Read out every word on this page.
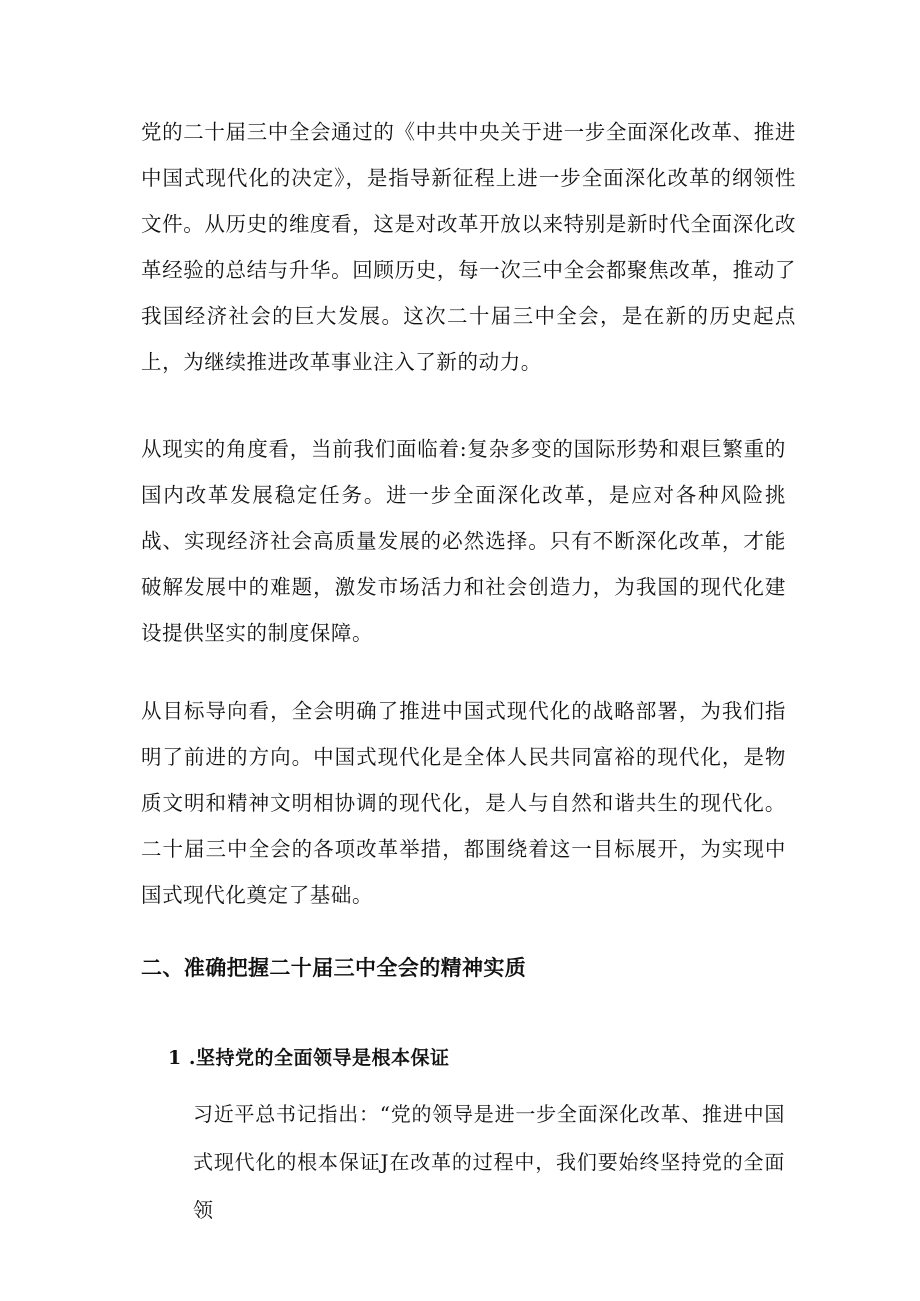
党的二十届三中全会通过的《中共中央关于进一步全面深化改革、推进中国式现代化的决定》，是指导新征程上进一步全面深化改革的纲领性文件。从历史的维度看，这是对改革开放以来特别是新时代全面深化改革经验的总结与升华。回顾历史，每一次三中全会都聚焦改革，推动了我国经济社会的巨大发展。这次二十届三中全会，是在新的历史起点上，为继续推进改革事业注入了新的动力。

从现实的角度看，当前我们面临着:复杂多变的国际形势和艰巨繁重的国内改革发展稳定任务。进一步全面深化改革，是应对各种风险挑战、实现经济社会高质量发展的必然选择。只有不断深化改革，才能破解发展中的难题，激发市场活力和社会创造力，为我国的现代化建设提供坚实的制度保障。

从目标导向看，全会明确了推进中国式现代化的战略部署，为我们指明了前进的方向。中国式现代化是全体人民共同富裕的现代化，是物质文明和精神文明相协调的现代化，是人与自然和谐共生的现代化。二十届三中全会的各项改革举措，都围绕着这一目标展开，为实现中国式现代化奠定了基础。

二、准确把握二十届三中全会的精神实质
1 .坚持党的全面领导是根本保证

习近平总书记指出：“党的领导是进一步全面深化改革、推进中国式现代化的根本保证J在改革的过程中，我们要始终坚持党的全面领
